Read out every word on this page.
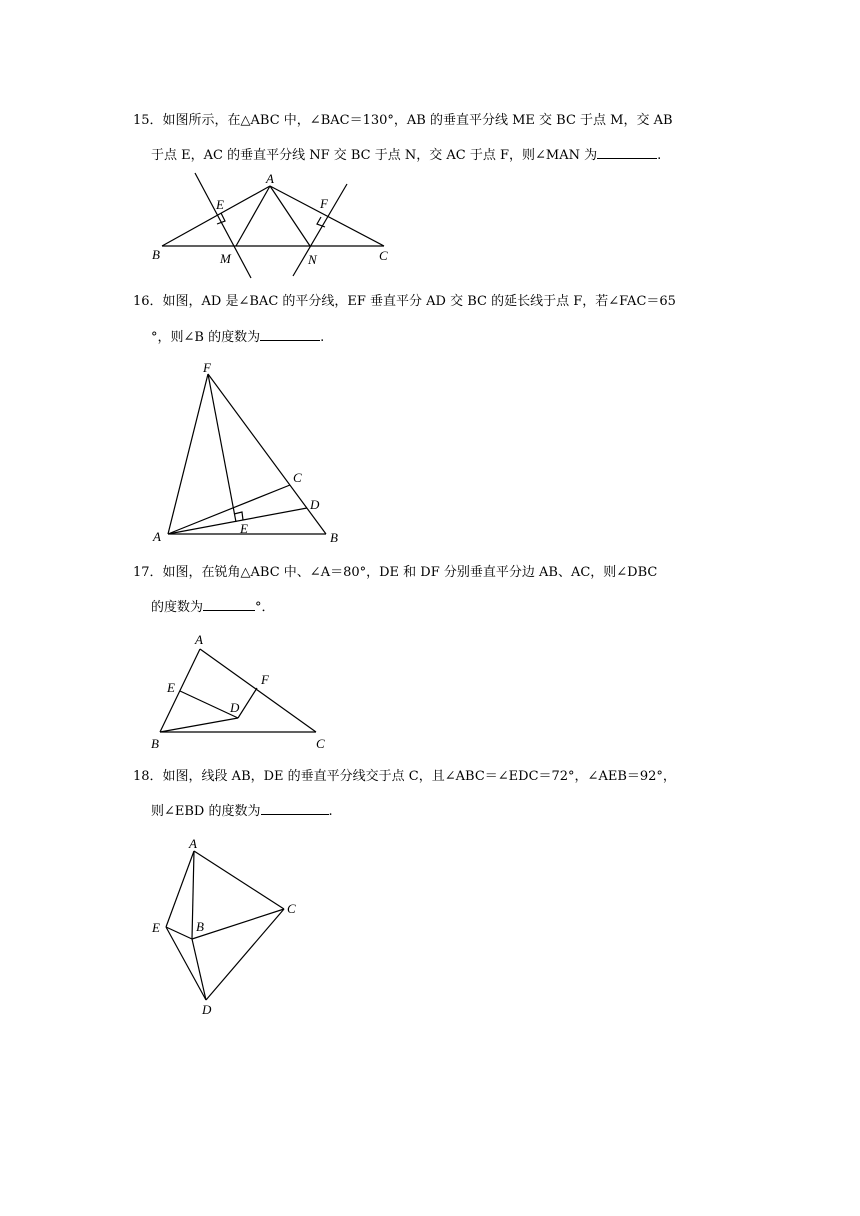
15．如图所示，在△ABC 中，∠BAC＝130°，AB 的垂直平分线 ME 交 BC 于点 M，交 AB
于点 E，AC 的垂直平分线 NF 交 BC 于点 N，交 AC 于点 F，则∠MAN 为	.
A
B	C
E	F
M	N
16．如图，AD 是∠BAC 的平分线，EF 垂直平分 AD 交 BC 的延长线于点 F，若∠FAC＝65
°，则∠B 的度数为	.
F
A	B
C
D
E
17．如图，在锐角△ABC 中、∠A＝80°，DE 和 DF 分别垂直平分边 AB、AC，则∠DBC
的度数为	°．
A
B	C
D
E
F
18．如图，线段 AB，DE 的垂直平分线交于点 C，且∠ABC＝∠EDC＝72°，∠AEB＝92°，
则∠EBD 的度数为	.
A
B
C
D
E
